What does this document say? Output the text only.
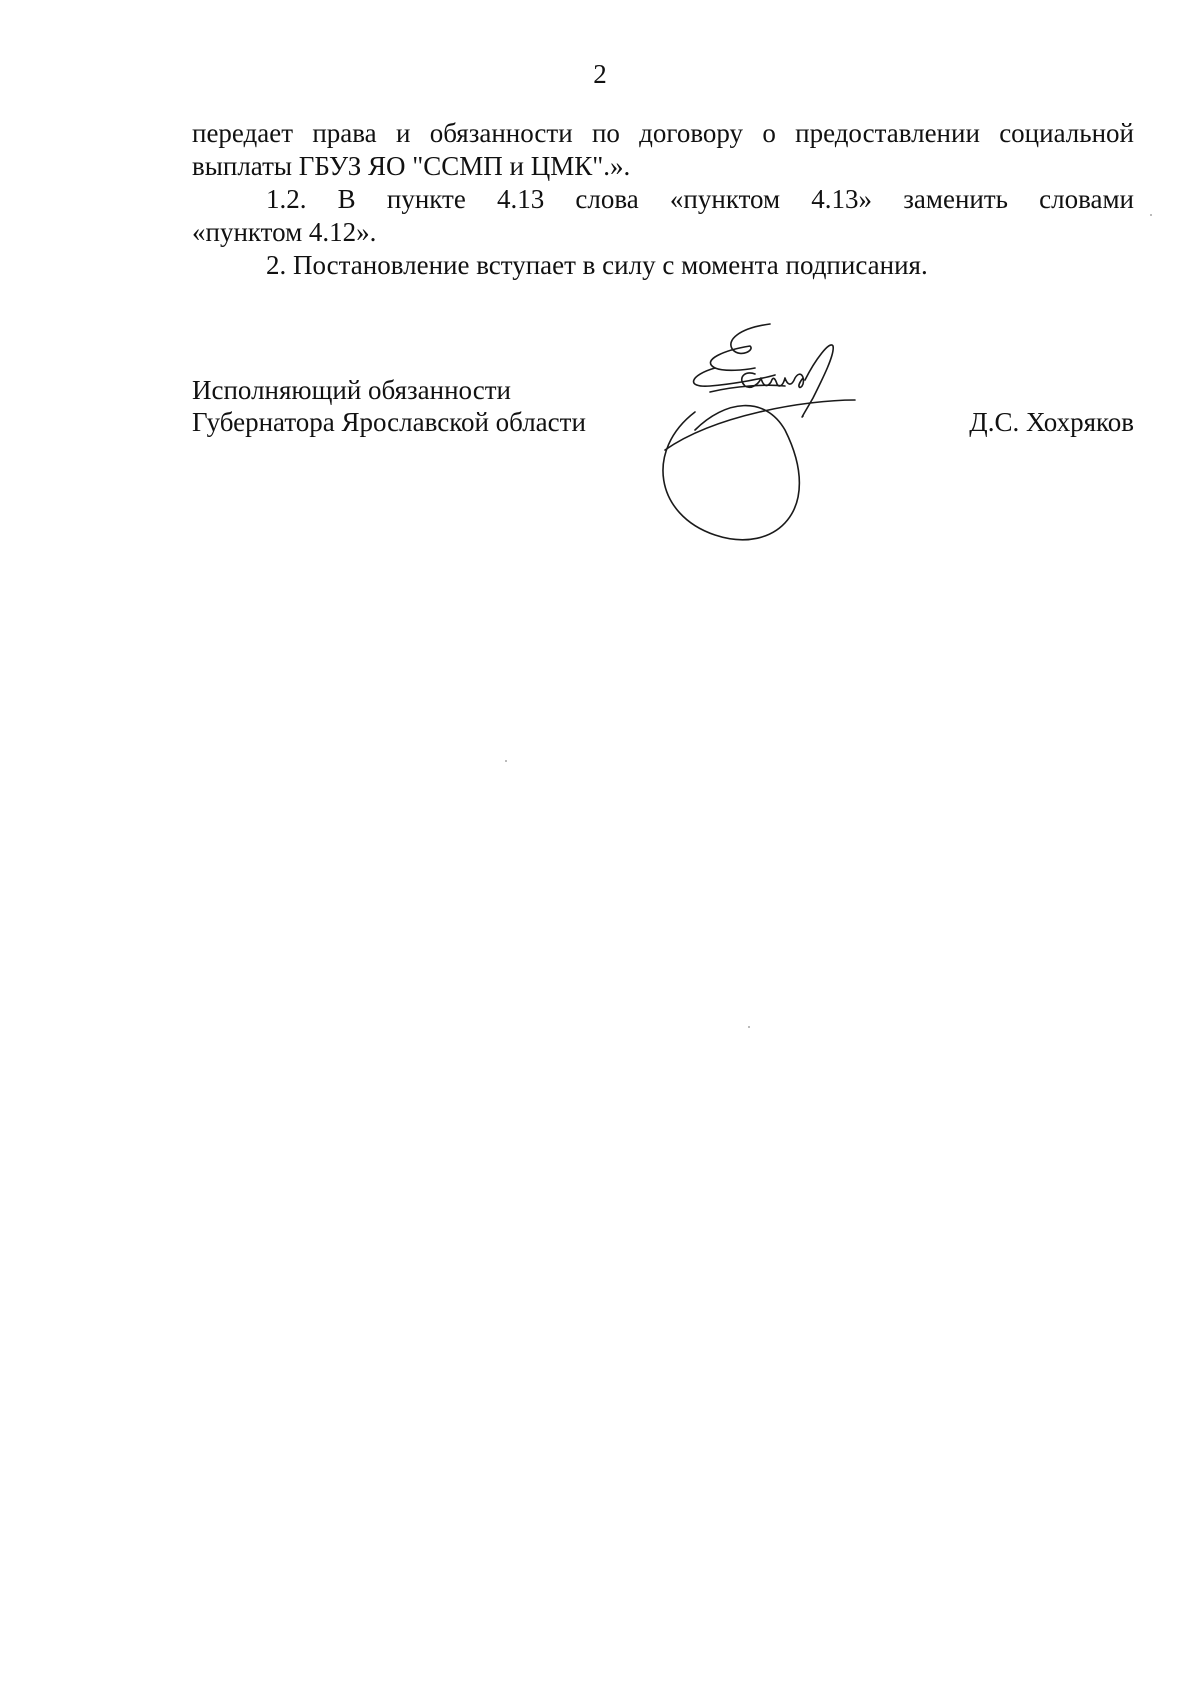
2

передает права и обязанности по договору о предоставлении социальной выплаты ГБУЗ ЯО "ССМП и ЦМК".».

1.2. В пункте 4.13 слова «пунктом 4.13» заменить словами

«пунктом 4.12».

2. Постановление вступает в силу с момента подписания.

Исполняющий обязанности
Губернатора Ярославской области	Д.С. Хохряков
